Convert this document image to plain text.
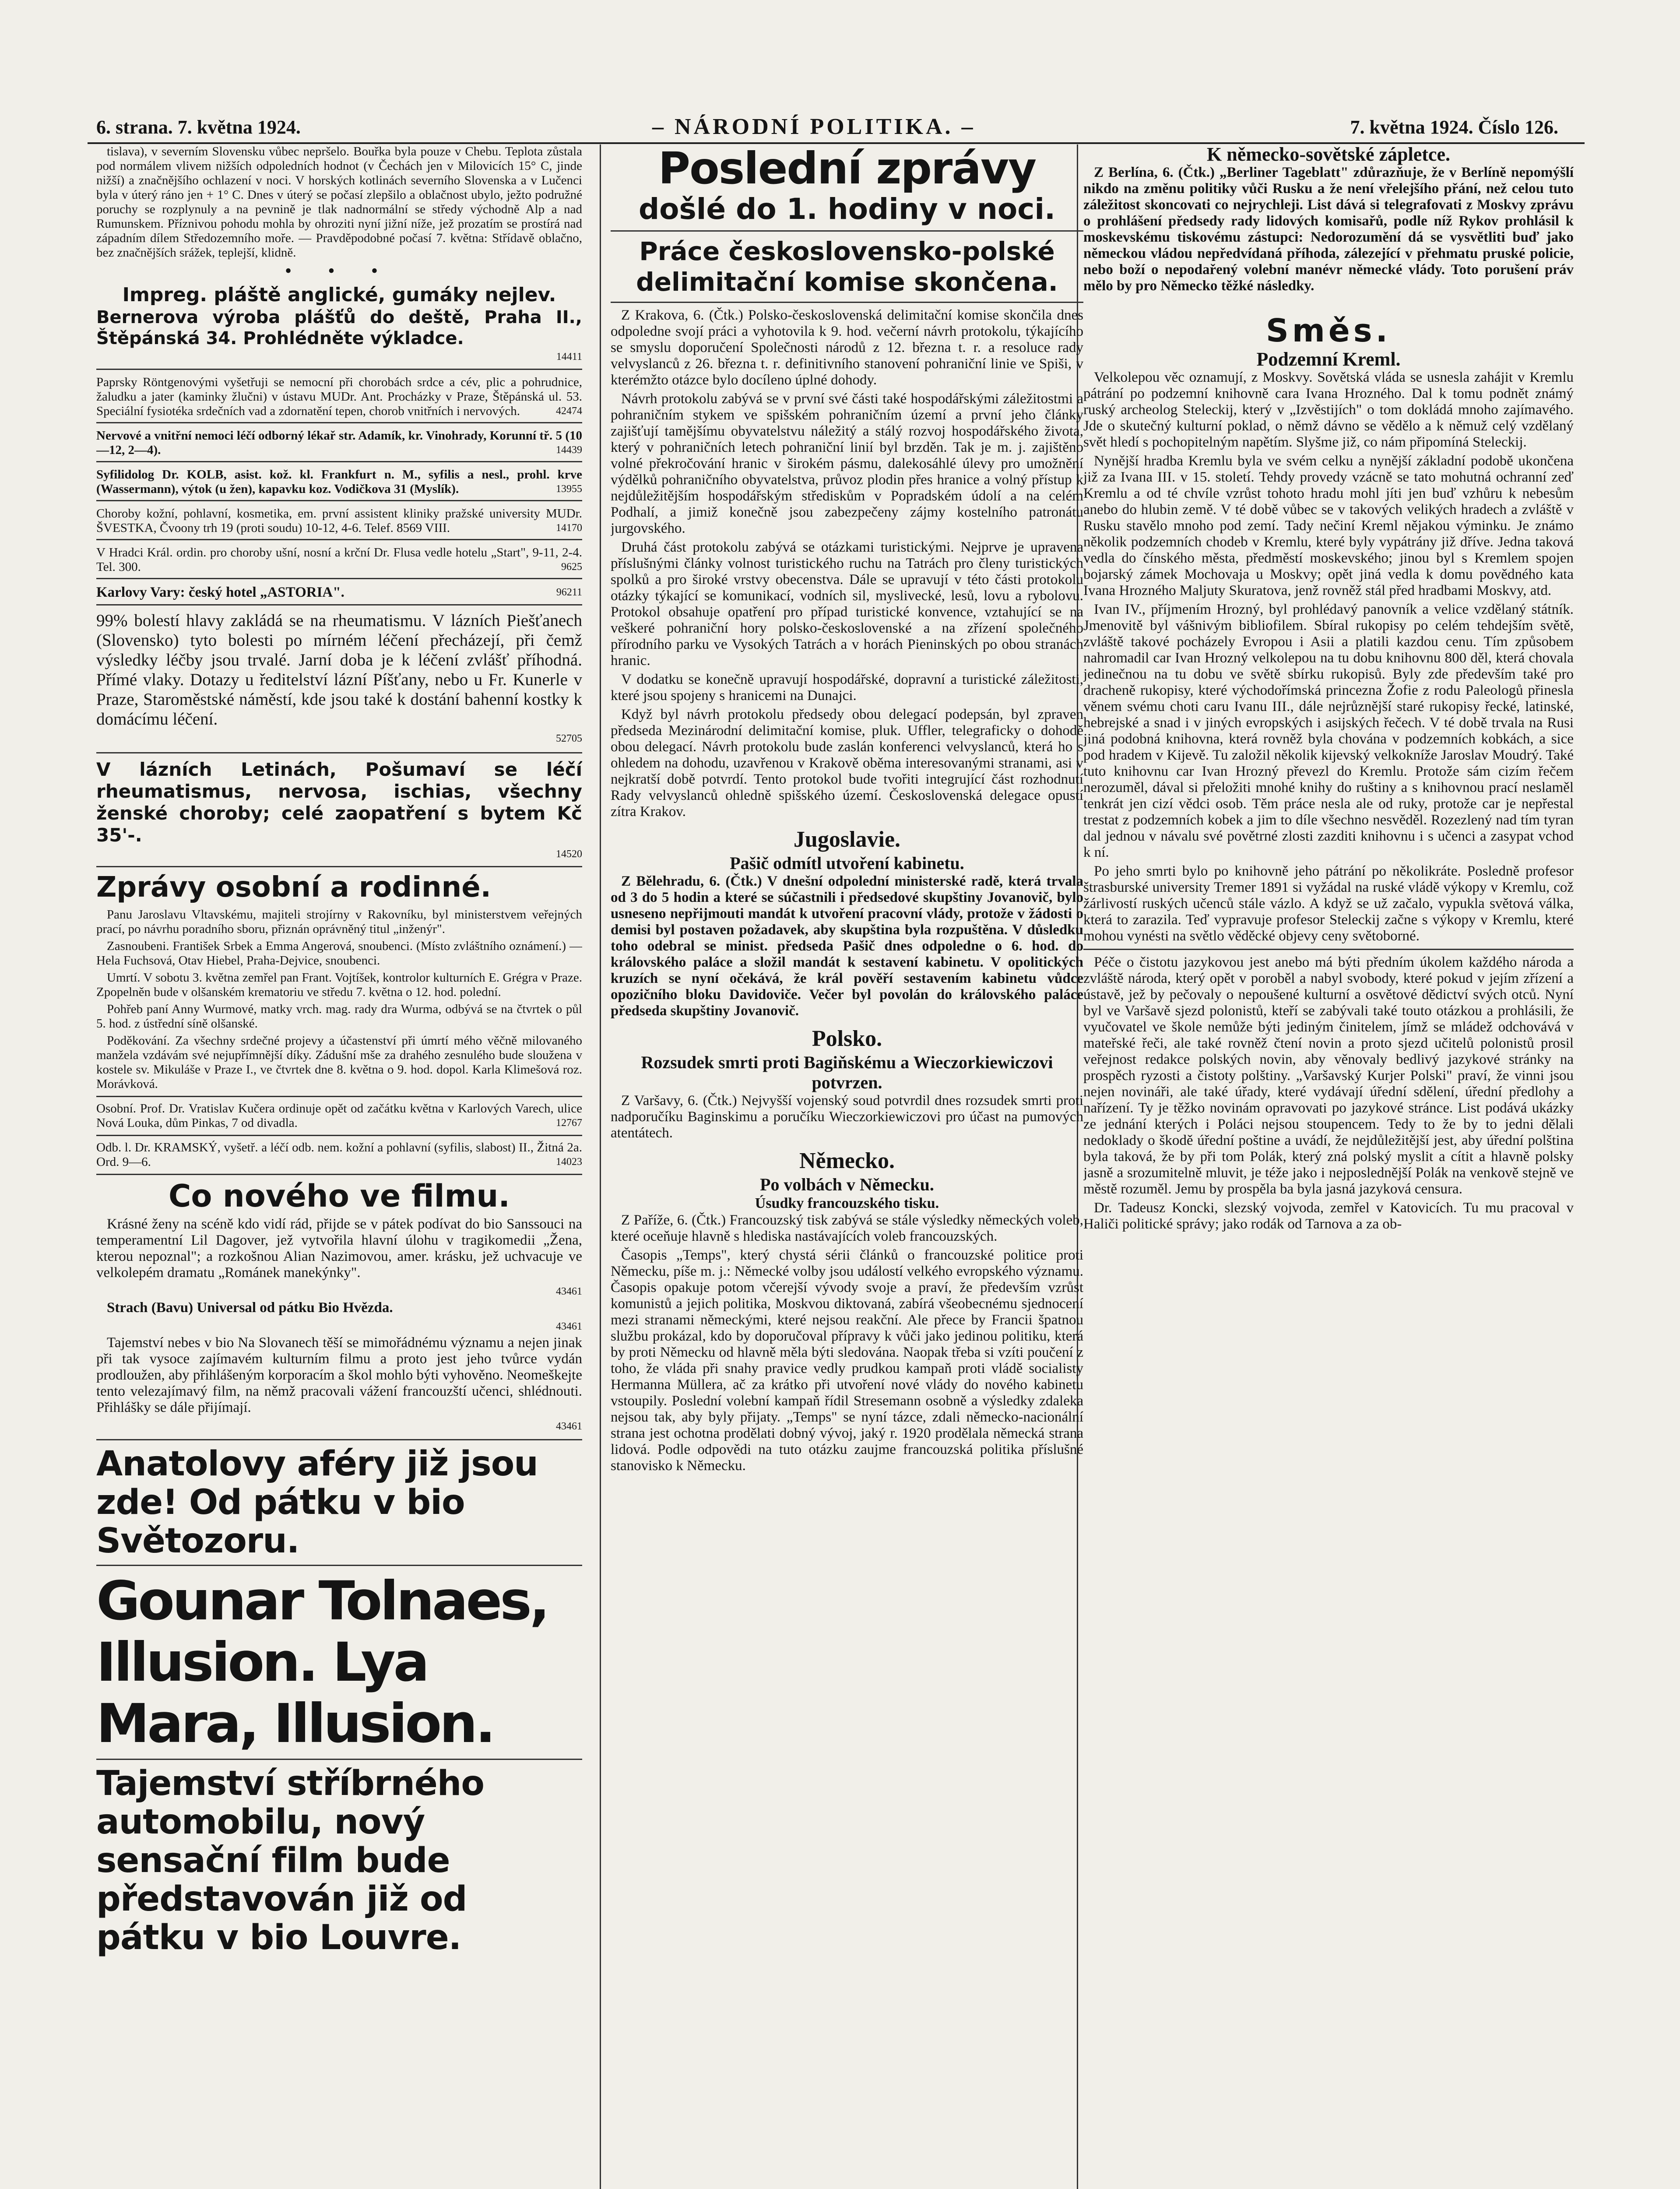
6. strana. 7. května 1924.	– NÁRODNÍ POLITIKA. –	7. května 1924. Číslo 126.

tislava), v severním Slovensku vůbec nepršelo. Bouřka byla pouze v Chebu. Teplota zůstala pod normálem vlivem nižších odpoledních hodnot (v Čechách jen v Milovicích 15° C, jinde nižší) a značnějšího ochlazení v noci. V horských kotlinách severního Slovenska a v Lučenci byla v úterý ráno jen + 1° C. Dnes v úterý se počasí zlepšilo a oblačnost ubylo, ježto podružné poruchy se rozplynuly a na pevnině je tlak nadnormální se středy východně Alp a nad Rumunskem. Příznivou pohodu mohla by ohroziti nyní jižní níže, jež prozatím se prostírá nad západním dílem Středozemního moře. — Pravděpodobné počasí 7. května: Střídavě oblačno, bez značnějších srážek, teplejší, klidně.

• • •
Impreg. pláště anglické, gumáky nejlev.
Bernerova výroba plášťů do deště, Praha II., Štěpánská 34. Prohlédněte výkladce.
14411
Paprsky Röntgenovými vyšetřuji se nemocní při chorobách srdce a cév, plic a pohrudnice, žaludku a jater (kaminky žlučni) v ústavu MUDr. Ant. Procházky v Praze, Štěpánská ul. 53. Speciální fysiotéka srdečních vad a zdornatění tepen, chorob vnitřních i nervových.	42474
Nervové a vnitřní nemoci léčí odborný lékař str. Adamík, kr. Vinohrady, Korunní tř. 5 (10—12, 2—4).	14439
Syfilidolog Dr. KOLB, asist. kož. kl. Frankfurt n. M., syfilis a nesl., prohl. krve (Wassermann), výtok (u žen), kapavku koz. Vodičkova 31 (Myslík).	13955
Choroby kožní, pohlavní, kosmetika, em. první assistent kliniky pražské university MUDr. ŠVESTKA, Čvoony trh 19 (proti soudu) 10-12, 4-6. Telef. 8569 VIII.	14170
V Hradci Král. ordin. pro choroby ušní, nosní a krční Dr. Flusa vedle hotelu „Start", 9-11, 2-4. Tel. 300.	9625
Karlovy Vary: český hotel „ASTORIA".	96211
99% bolestí hlavy zakládá se na rheumatismu. V lázních Piešťanech (Slovensko) tyto bolesti po mírném léčení přecházejí, při čemž výsledky léčby jsou trvalé. Jarní doba je k léčení zvlášť příhodná. Přímé vlaky. Dotazy u ředitelství lázní Píšťany, nebo u Fr. Kunerle v Praze, Staroměstské náměstí, kde jsou také k dostání bahenní kostky k domácímu léčení.
52705
V lázních Letinách, Pošumaví se léčí rheumatismus, nervosa, ischias, všechny ženské choroby; celé zaopatření s bytem Kč 35'-.
14520
Zprávy osobní a rodinné.

Panu Jaroslavu Vltavskému, majiteli strojírny v Rakovníku, byl ministerstvem veřejných prací, po návrhu poradního sboru, přiznán oprávněný titul „inženýr".

Zasnoubeni. František Srbek a Emma Angerová, snoubenci. (Místo zvláštního oznámení.) — Hela Fuchsová, Otav Hiebel, Praha-Dejvice, snoubenci.

Umrtí. V sobotu 3. května zemřel pan Frant. Vojtíšek, kontrolor kulturních E. Grégra v Praze. Zpopelněn bude v olšanském krematoriu ve středu 7. května o 12. hod. polední.

Pohřeb paní Anny Wurmové, matky vrch. mag. rady dra Wurma, odbývá se na čtvrtek o půl 5. hod. z ústřední síně olšanské.

Poděkování. Za všechny srdečné projevy a účastenství při úmrtí mého věčně milovaného manžela vzdávám své nejupřímnější díky. Zádušní mše za drahého zesnulého bude sloužena v kostele sv. Mikuláše v Praze I., ve čtvrtek dne 8. května o 9. hod. dopol. Karla Klimešová roz. Morávková.

Osobní. Prof. Dr. Vratislav Kučera ordinuje opět od začátku května v Karlových Varech, ulice Nová Louka, dům Pinkas, 7 od divadla.	12767
Odb. l. Dr. KRAMSKÝ, vyšetř. a léčí odb. nem. kožní a pohlavní (syfilis, slabost) II., Žitná 2a. Ord. 9—6.	14023
Co nového ve filmu.

Krásné ženy na scéně kdo vidí rád, přijde se v pátek podívat do bio Sanssouci na temperamentní Lil Dagover, jež vytvořila hlavní úlohu v tragikomedii „Žena, kterou nepoznal"; a rozkošnou Alian Nazimovou, amer. krásku, jež uchvacuje ve velkolepém dramatu „Románek manekýnky".

43461

Strach (Bavu) Universal od pátku Bio Hvězda.

43461

Tajemství nebes v bio Na Slovanech těší se mimořádnému významu a nejen jinak při tak vysoce zajímavém kulturním filmu a proto jest jeho tvůrce vydán prodloužen, aby přihlášeným korporacím a škol mohlo býti vyhověno. Neomeškejte tento velezajímavý film, na němž pracovali vážení francouzští učenci, shlédnouti. Přihlášky se dále přijímají.

43461
Anatolovy aféry již jsou zde! Od pátku v bio Světozoru.
Gounar Tolnaes, Illusion. Lya Mara, Illusion.
Tajemství stříbrného automobilu, nový sensační film bude představován již od pátku v bio Louvre.
Poslední zprávy
došlé do 1. hodiny v noci.
Práce československo-polské delimitační komise skončena.

Z Krakova, 6. (Čtk.) Polsko-československá delimitační komise skončila dnes odpoledne svojí práci a vyhotovila k 9. hod. večerní návrh protokolu, týkajícího se smyslu doporučení Společnosti národů z 12. března t. r. a resoluce rady velvyslanců z 26. března t. r. definitivního stanovení pohraniční linie ve Spiši, v kterémžto otázce bylo docíleno úplné dohody.

Návrh protokolu zabývá se v první své části také hospodářskými záležitostmi a pohraničním stykem ve spišském pohraničním území a první jeho články zajišťují tamějšímu obyvatelstvu náležitý a stálý rozvoj hospodářského života, který v pohraničních letech pohraniční linií byl brzděn. Tak je m. j. zajištěno volné překročování hranic v širokém pásmu, dalekosáhlé úlevy pro umožnění výdělků pohraničního obyvatelstva, průvoz plodin přes hranice a volný přístup k nejdůležitějším hospodářským střediskům v Popradském údolí a na celém Podhalí, a jimiž konečně jsou zabezpečeny zájmy kostelního patronátu jurgovského.

Druhá část protokolu zabývá se otázkami turistickými. Nejprve je upravena příslušnými články volnost turistického ruchu na Tatrách pro členy turistických spolků a pro široké vrstvy obecenstva. Dále se upravují v této části protokolu otázky týkající se komunikací, vodních sil, myslivecké, lesů, lovu a rybolovu. Protokol obsahuje opatření pro případ turistické konvence, vztahující se na veškeré pohraniční hory polsko-československé a na zřízení společného přírodního parku ve Vysokých Tatrách a v horách Pieninských po obou stranách hranic.

V dodatku se konečně upravují hospodářské, dopravní a turistické záležitosti, které jsou spojeny s hranicemi na Dunajci.

Když byl návrh protokolu předsedy obou delegací podepsán, byl zpraven předseda Mezinárodní delimitační komise, pluk. Uffler, telegraficky o dohodě obou delegací. Návrh protokolu bude zaslán konferenci velvyslanců, která ho s ohledem na dohodu, uzavřenou v Krakově oběma interesovanými stranami, asi v nejkratší době potvrdí. Tento protokol bude tvořiti integrující část rozhodnutí Rady velvyslanců ohledně spišského území. Československá delegace opustí zítra Krakov.

Jugoslavie.
Pašič odmítl utvoření kabinetu.

Z Bělehradu, 6. (Čtk.) V dnešní odpolední ministerské radě, která trvala od 3 do 5 hodin a které se súčastnili i předsedové skupštiny Jovanovič, bylo usneseno nepřijmouti mandát k utvoření pracovní vlády, protože v žádosti o demisi byl postaven požadavek, aby skupština byla rozpuštěna. V důsledku toho odebral se minist. předseda Pašič dnes odpoledne o 6. hod. do královského paláce a složil mandát k sestavení kabinetu. V opolitických kruzích se nyní očekává, že král pověří sestavením kabinetu vůdce opozičního bloku Davidoviče. Večer byl povolán do královského paláce předseda skupštiny Jovanovič.

Polsko.
Rozsudek smrti proti Bagiňskému a Wieczorkiewiczovi potvrzen.

Z Varšavy, 6. (Čtk.) Nejvyšší vojenský soud potvrdil dnes rozsudek smrti proti nadporučíku Baginskimu a poručíku Wieczorkiewiczovi pro účast na pumových atentátech.

Německo.
Po volbách v Německu.
Úsudky francouzského tisku.

Z Paříže, 6. (Čtk.) Francouzský tisk zabývá se stále výsledky německých voleb, které oceňuje hlavně s hlediska nastávajících voleb francouzských.

Časopis „Temps", který chystá sérii článků o francouzské politice proti Německu, píše m. j.: Německé volby jsou událostí velkého evropského významu. Časopis opakuje potom včerejší vývody svoje a praví, že především vzrůst komunistů a jejich politika, Moskvou diktovaná, zabírá všeobecnému sjednocení mezi stranami německými, které nejsou reakční. Ale přece by Francii špatnou službu prokázal, kdo by doporučoval přípravy k vůči jako jedinou politiku, která by proti Německu od hlavně měla býti sledována. Naopak třeba si vzíti poučení z toho, že vláda při snahy pravice vedly prudkou kampaň proti vládě socialisty Hermanna Müllera, ač za krátko při utvoření nové vlády do nového kabinetu vstoupily. Poslední volební kampaň řídil Stresemann osobně a výsledky zdaleka nejsou tak, aby byly přijaty. „Temps" se nyní tázce, zdali německo-nacionální strana jest ochotna prodělati dobný vývoj, jaký r. 1920 prodělala německá strana lidová. Podle odpovědi na tuto otázku zaujme francouzská politika příslušné stanovisko k Německu.

K německo-sovětské zápletce.

Z Berlína, 6. (Čtk.) „Berliner Tageblatt" zdůrazňuje, že v Berlíně nepomýšlí nikdo na změnu politiky vůči Rusku a že není vřelejšího přání, než celou tuto záležitost skoncovati co nejrychleji. List dává si telegrafovati z Moskvy zprávu o prohlášení předsedy rady lidových komisařů, podle níž Rykov prohlásil k moskevskému tiskovému zástupci: Nedorozumění dá se vysvětliti buď jako německou vládou nepředvídaná příhoda, zálezející v přehmatu pruské policie, nebo boží o nepodařený volební manévr německé vlády. Toto porušení práv mělo by pro Německo těžké následky.

Směs.
Podzemní Kreml.

Velkolepou věc oznamují, z Moskvy. Sovětská vláda se usnesla zahájit v Kremlu pátrání po podzemní knihovně cara Ivana Hrozného. Dal k tomu podnět známý ruský archeolog Steleckij, který v „Izvěstijích" o tom dokládá mnoho zajímavého. Jde o skutečný kulturní poklad, o němž dávno se vědělo a k němuž celý vzdělaný svět hledí s pochopitelným napětím. Slyšme již, co nám připomíná Steleckij.

Nynější hradba Kremlu byla ve svém celku a nynější základní podobě ukončena již za Ivana III. v 15. století. Tehdy provedy vzácně se tato mohutná ochranní zeď Kremlu a od té chvíle vzrůst tohoto hradu mohl jíti jen buď vzhůru k nebesům anebo do hlubin země. V té době vůbec se v takových velikých hradech a zvláště v Rusku stavělo mnoho pod zemí. Tady nečiní Kreml nějakou výminku. Je známo několik podzemních chodeb v Kremlu, které byly vypátrány již dříve. Jedna taková vedla do čínského města, předměstí moskevského; jinou byl s Kremlem spojen bojarský zámek Mochovaja u Moskvy; opět jiná vedla k domu povědného kata Ivana Hrozného Maljuty Skuratova, jenž rovněž stál před hradbami Moskvy, atd.

Ivan IV., příjmením Hrozný, byl prohlédavý panovník a velice vzdělaný státník. Jmenovitě byl vášnivým bibliofilem. Sbíral rukopisy po celém tehdejším světě, zvláště takové pocházely Evropou i Asii a platili kazdou cenu. Tím způsobem nahromadil car Ivan Hrozný velkolepou na tu dobu knihovnu 800 děl, která chovala jedinečnou na tu dobu ve světě sbírku rukopisů. Byly zde především také pro dracheně rukopisy, které východořímská princezna Žofie z rodu Paleologů přinesla věnem svému choti caru Ivanu III., dále nejrůznější staré rukopisy řecké, latinské, hebrejské a snad i v jiných evropských i asijských řečech. V té době trvala na Rusi jiná podobná knihovna, která rovněž byla chována v podzemních kobkách, a sice pod hradem v Kijevě. Tu založil několik kijevský velkokníže Jaroslav Moudrý. Také tuto knihovnu car Ivan Hrozný převezl do Kremlu. Protože sám cizím řečem nerozuměl, dával si přeložiti mnohé knihy do ruštiny a s knihovnou prací neslaměl tenkrát jen cizí vědci osob. Těm práce nesla ale od ruky, protože car je nepřestal trestat z podzemních kobek a jim to díle všechno nesvěděl. Rozezlený nad tím tyran dal jednou v návalu své povětrné zlosti zazditi knihovnu i s učenci a zasypat vchod k ní.

Po jeho smrti bylo po knihovně jeho pátrání po několikráte. Posledně profesor štrasburské university Tremer 1891 si vyžádal na ruské vládě výkopy v Kremlu, což žárlivostí ruských učenců stále vázlo. A když se už začalo, vypukla světová válka, která to zarazila. Teď vypravuje profesor Steleckij začne s výkopy v Kremlu, které mohou vynésti na světlo věděcké objevy ceny světoborné.

Péče o čistotu jazykovou jest anebo má býti předním úkolem každého národa a zvláště národa, který opět v poroběl a nabyl svobody, které pokud v jejím zřízení a ústavě, jež by pečovaly o nepoušené kulturní a osvětové dědictví svých otců. Nyní byl ve Varšavě sjezd polonistů, kteří se zabývali také touto otázkou a prohlásili, že vyučovatel ve škole nemůže býti jediným činitelem, jímž se mládež odchovává v mateřské řeči, ale také rovněž čtení novin a proto sjezd učitelů polonistů prosil veřejnost redakce polských novin, aby věnovaly bedlivý jazykové stránky na prospěch ryzosti a čistoty polštiny. „Varšavský Kurjer Polski" praví, že vinni jsou nejen novináři, ale také úřady, které vydávají úřední sdělení, úřední předlohy a nařízení. Ty je těžko novinám opravovati po jazykové stránce. List podává ukázky ze jednání kterých i Poláci nejsou stoupencem. Tedy to že by to jedni dělali nedoklady o škodě úřední poštine a uvádí, že nejdůležitější jest, aby úřední polština byla taková, že by při tom Polák, který zná polský myslit a cítit a hlavně polsky jasně a srozumitelně mluvit, je téže jako i nejposlednější Polák na venkově stejně ve městě rozuměl. Jemu by prospěla ba byla jasná jazyková censura.

Dr. Tadeusz Koncki, slezský vojvoda, zemřel v Katovicích. Tu mu pracoval v Haliči politické správy; jako rodák od Tarnova a za ob-
